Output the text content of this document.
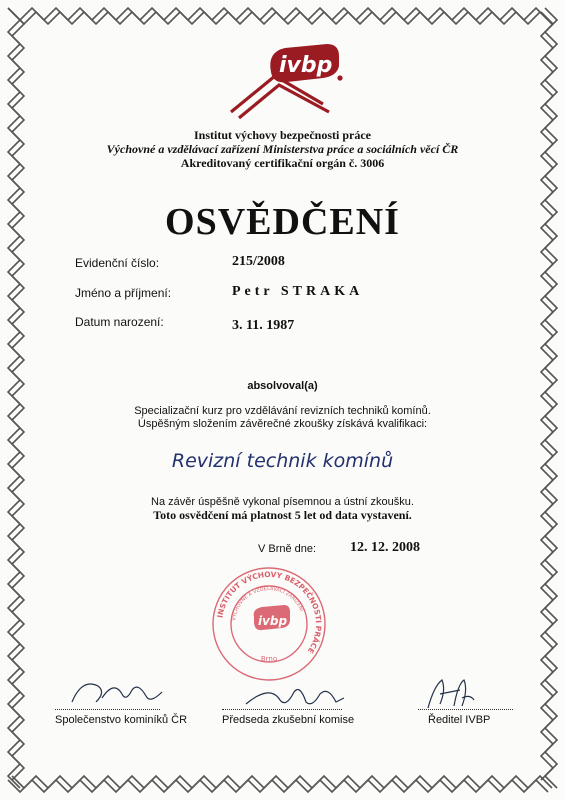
ivbp
Institut výchovy bezpečnosti práce
Výchovné a vzdělávací zařízení Ministerstva práce a sociálních věcí ČR
Akreditovaný certifikační orgán č. 3006
OSVĚDČENÍ
Evidenční číslo:	215/2008
Jméno a příjmení:	Petr STRAKA
Datum narození:	3. 11. 1987
absolvoval(a)
Specializační kurz pro vzdělávání revizních techniků komínů.
Úspěšným složením závěrečné zkoušky získává kvalifikaci:
Revizní technik komínů
Na závěr úspěšně vykonal písemnou a ústní zkoušku.
Toto osvědčení má platnost 5 let od data vystavení.
V Brně dne: 12. 12. 2008
INSTITUT VÝCHOVY BEZPEČNOSTI PRÁCE
VÝCHOVNÉ A VZDĚLÁVACÍ ZAŘÍZENÍ
ivbp
Brno
Společenstvo kominíků ČR	Předseda zkušební komise	Ředitel IVBP
